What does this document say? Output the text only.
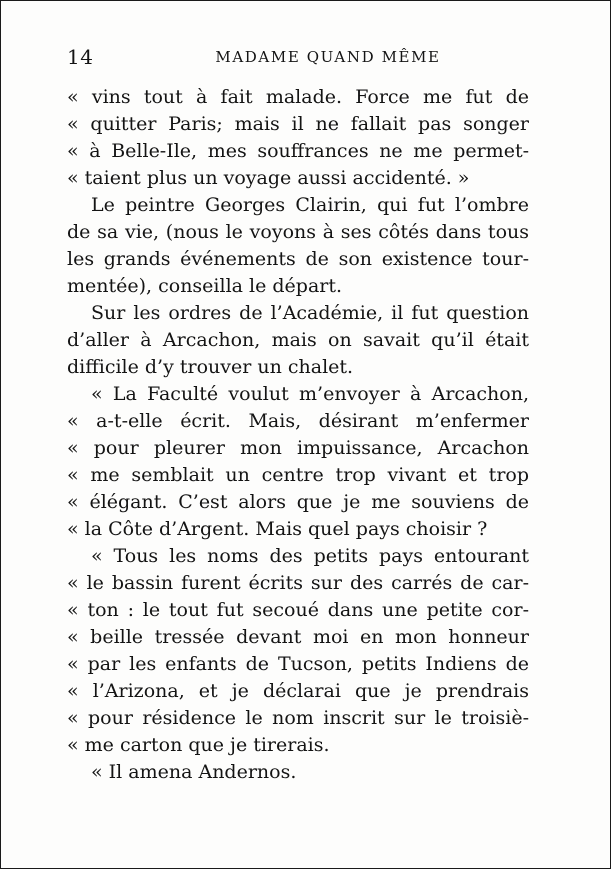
14	MADAME QUAND MÊME
« vins tout à fait malade. Force me fut de
« quitter Paris; mais il ne fallait pas songer
« à Belle-Ile, mes souffrances ne me permet-
« taient plus un voyage aussi accidenté. »
Le peintre Georges Clairin, qui fut l’ombre
de sa vie, (nous le voyons à ses côtés dans tous
les grands événements de son existence tour-
mentée), conseilla le départ.
Sur les ordres de l’Académie, il fut question
d’aller à Arcachon, mais on savait qu’il était
difficile d’y trouver un chalet.
« La Faculté voulut m’envoyer à Arcachon,
« a-t-elle écrit. Mais, désirant m’enfermer
« pour pleurer mon impuissance, Arcachon
« me semblait un centre trop vivant et trop
« élégant. C’est alors que je me souviens de
« la Côte d’Argent. Mais quel pays choisir ?
« Tous les noms des petits pays entourant
« le bassin furent écrits sur des carrés de car-
« ton : le tout fut secoué dans une petite cor-
« beille tressée devant moi en mon honneur
« par les enfants de Tucson, petits Indiens de
« l’Arizona, et je déclarai que je prendrais
« pour résidence le nom inscrit sur le troisiè-
« me carton que je tirerais.
« Il amena Andernos.
